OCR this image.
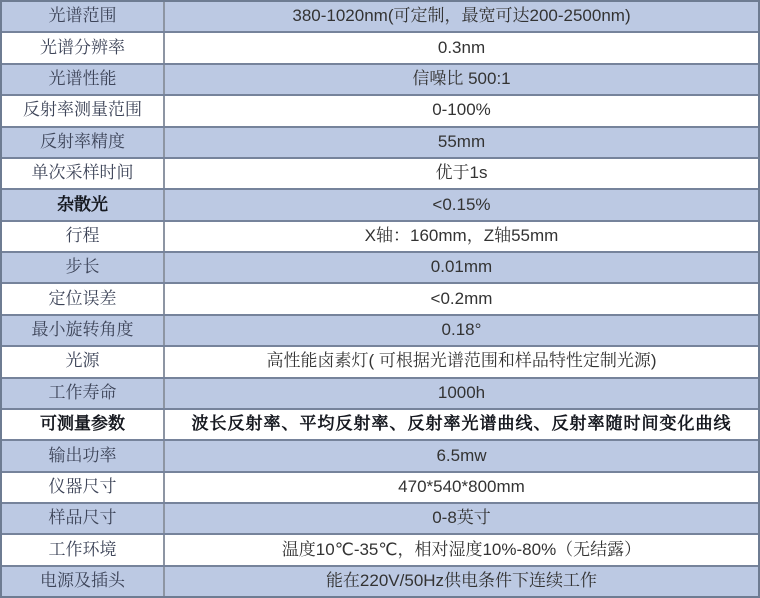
光谱范围	380-1020nm(可定制，最宽可达200-2500nm)
光谱分辨率	0.3nm
光谱性能	信噪比 500:1
反射率测量范围	0-100%
反射率精度	55mm
单次采样时间	优于1s
杂散光	<0.15%
行程	X轴：160mm，Z轴55mm
步长	0.01mm
定位误差	<0.2mm
最小旋转角度	0.18°
光源	高性能卤素灯( 可根据光谱范围和样品特性定制光源)
工作寿命	1000h
可测量参数	波长反射率、平均反射率、反射率光谱曲线、反射率随时间变化曲线
输出功率	6.5mw
仪器尺寸	470*540*800mm
样品尺寸	0-8英寸
工作环境	温度10℃-35℃，相对湿度10%-80%（无结露）
电源及插头	能在220V/50Hz供电条件下连续工作
